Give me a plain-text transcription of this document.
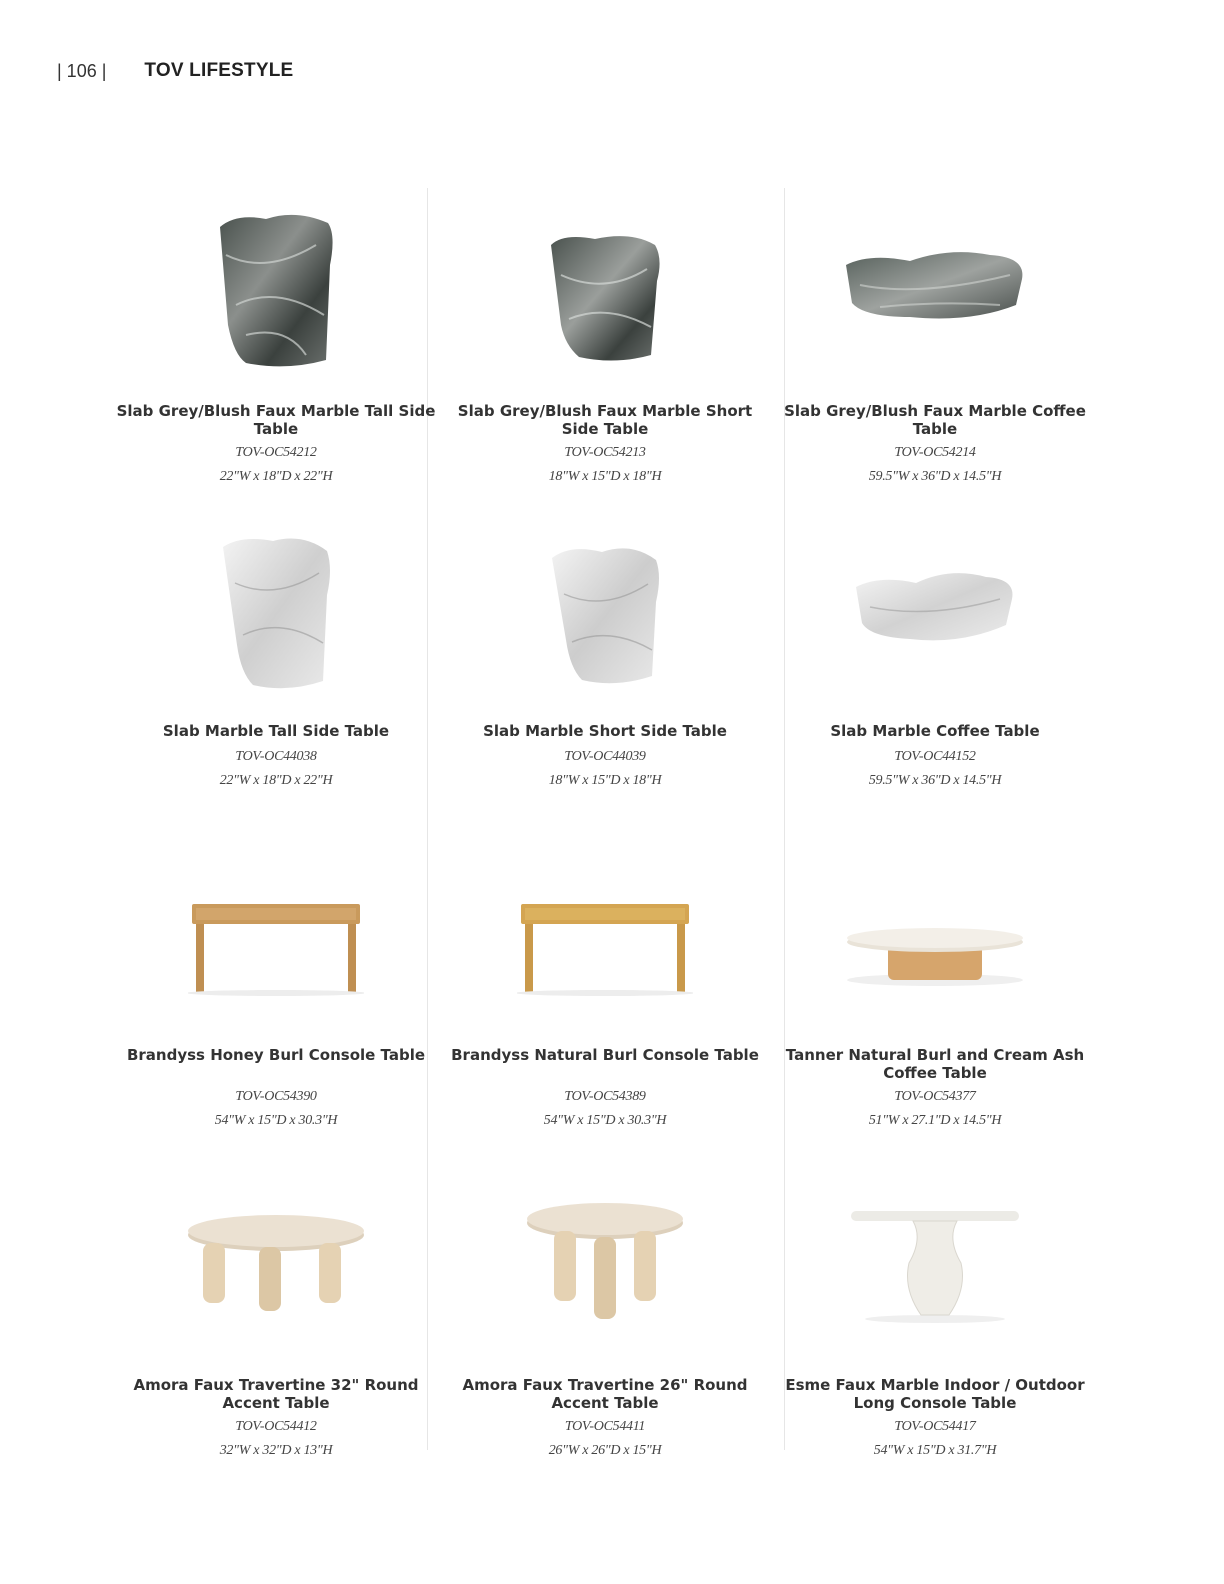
| 106 | TOV LIFESTYLE
Slab Grey/Blush Faux Marble Tall Side Table
TOV-OC54212
22"W x 18"D x 22"H
Slab Grey/Blush Faux Marble Short Side Table
TOV-OC54213
18"W x 15"D x 18"H
Slab Grey/Blush Faux Marble Coffee Table
TOV-OC54214
59.5"W x 36"D x 14.5"H
Slab Marble Tall Side Table
TOV-OC44038
22"W x 18"D x 22"H
Slab Marble Short Side Table
TOV-OC44039
18"W x 15"D x 18"H
Slab Marble Coffee Table
TOV-OC44152
59.5"W x 36"D x 14.5"H
Brandyss Honey Burl Console Table
TOV-OC54390
54"W x 15"D x 30.3"H
Brandyss Natural Burl Console Table
TOV-OC54389
54"W x 15"D x 30.3"H
Tanner Natural Burl and Cream Ash Coffee Table
TOV-OC54377
51"W x 27.1"D x 14.5"H
Amora Faux Travertine 32" Round Accent Table
TOV-OC54412
32"W x 32"D x 13"H
Amora Faux Travertine 26" Round Accent Table
TOV-OC54411
26"W x 26"D x 15"H
Esme Faux Marble Indoor / Outdoor Long Console Table
TOV-OC54417
54"W x 15"D x 31.7"H
